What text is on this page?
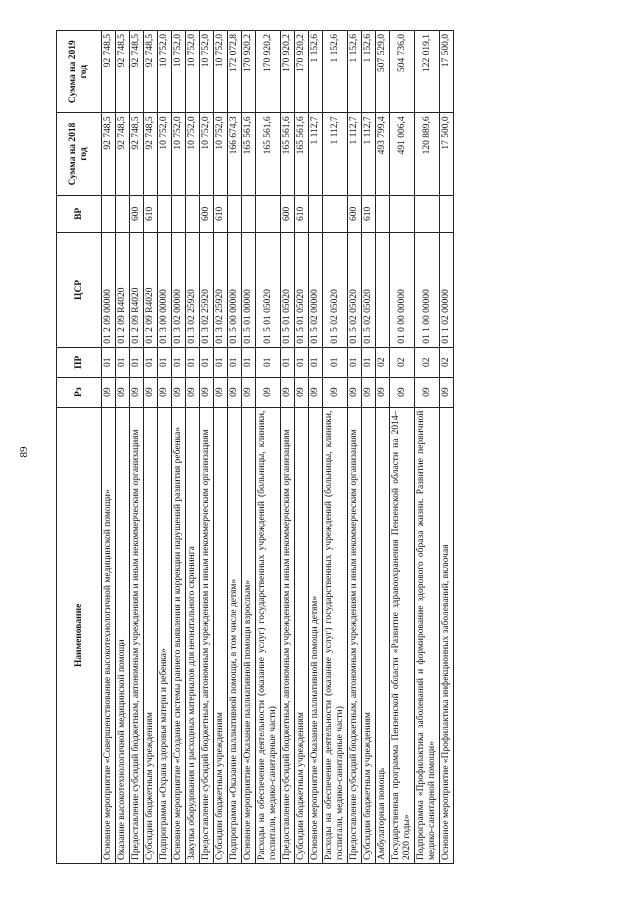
89
Наименование	Рз	ПР	ЦСР	ВР	Сумма на 2018 год	Сумма на 2019 год
Основное мероприятие «Совершенствование высокотехнологичной медицинской помощи»	09	01	01 2 09 00000		92 748,5	92 748,5
Оказание высокотехнологичной медицинской помощи	09	01	01 2 09 R4020		92 748,5	92 748,5
Предоставление субсидий бюджетным, автономным учреждениям и иным некоммерческим организациям	09	01	01 2 09 R4020	600	92 748,5	92 748,5
Субсидии бюджетным учреждениям	09	01	01 2 09 R4020	610	92 748,5	92 748,5
Подпрограмма «Охрана здоровья матери и ребенка»	09	01	01 3 00 00000		10 752,0	10 752,0
Основное мероприятие «Создание системы раннего выявления и коррекции нарушений развития ребенка»	09	01	01 3 02 00000		10 752,0	10 752,0
Закупка оборудования и расходных материалов для неонатального скрининга	09	01	01 3 02 25920		10 752,0	10 752,0
Предоставление субсидий бюджетным, автономным учреждениям и иным некоммерческим организациям	09	01	01 3 02 25920	600	10 752,0	10 752,0
Субсидии бюджетным учреждениям	09	01	01 3 02 25920	610	10 752,0	10 752,0
Подпрограмма «Оказание паллиативной помощи, в том числе детям»	09	01	01 5 00 00000		166 674,3	172 072,8
Основное мероприятие «Оказание паллиативной помощи взрослым»	09	01	01 5 01 00000		165 561,6	170 920,2
Расходы на обеспечение деятельности (оказание услуг) государственных учреждений (больницы, клиники, госпитали, медико-санитарные части)	09	01	01 5 01 05020		165 561,6	170 920,2
Предоставление субсидий бюджетным, автономным учреждениям и иным некоммерческим организациям	09	01	01 5 01 05020	600	165 561,6	170 920,2
Субсидии бюджетным учреждениям	09	01	01 5 01 05020	610	165 561,6	170 920,2
Основное мероприятие «Оказание паллиативной помощи детям»	09	01	01 5 02 00000		1 112,7	1 152,6
Расходы на обеспечение деятельности (оказание услуг) государственных учреждений (больницы, клиники, госпитали, медико-санитарные части)	09	01	01 5 02 05020		1 112,7	1 152,6
Предоставление субсидий бюджетным, автономным учреждениям и иным некоммерческим организациям	09	01	01 5 02 05020	600	1 112,7	1 152,6
Субсидии бюджетным учреждениям	09	01	01 5 02 05020	610	1 112,7	1 152,6
Амбулаторная помощь	09	02			493 799,4	507 529,0
Государственная программа Пензенской области «Развитие здравоохранения Пензенской области на 2014–2020 годы»	09	02	01 0 00 00000		491 006,4	504 736,0
Подпрограмма «Профилактика заболеваний и формирование здорового образа жизни. Развитие первичной медико-санитарной помощи»	09	02	01 1 00 00000		120 889,6	122 019,1
Основное мероприятие «Профилактика инфекционных заболеваний, включая	09	02	01 1 02 00000		17 500,0	17 500,0
